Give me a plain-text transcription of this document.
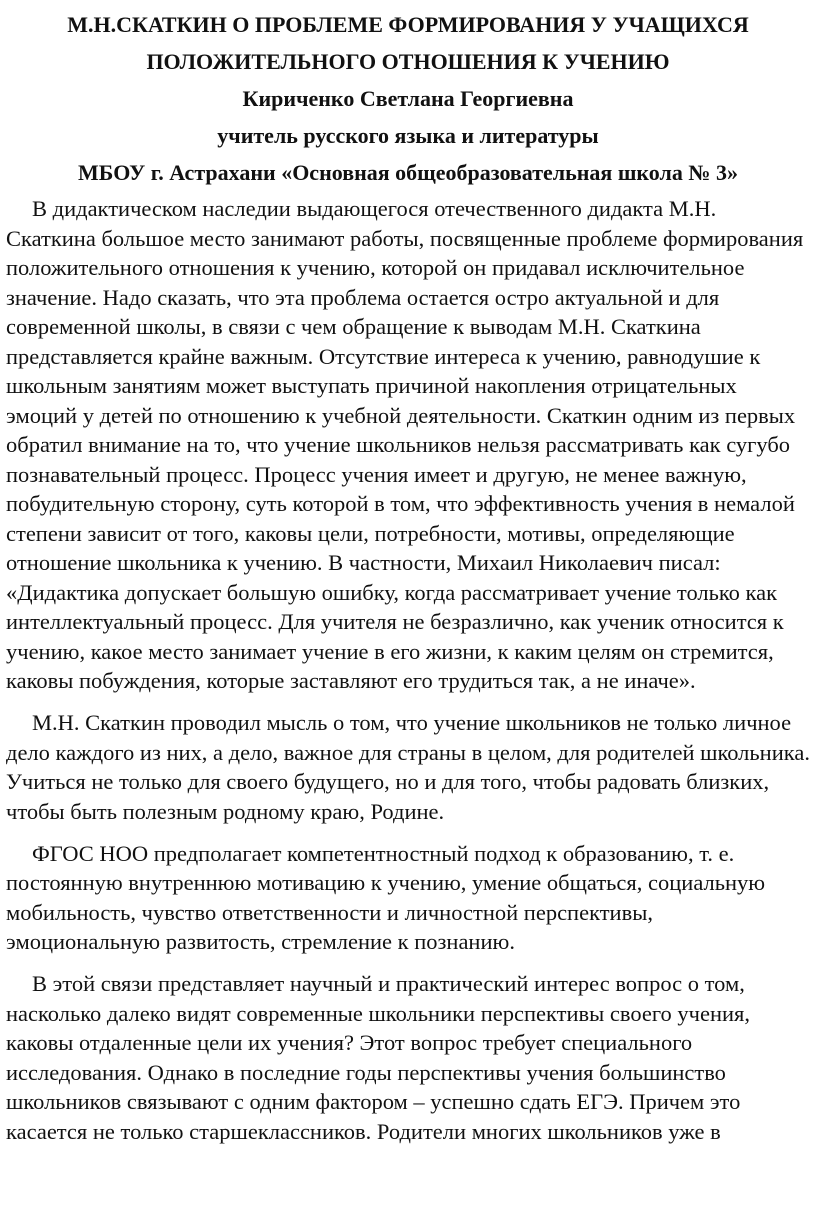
М.Н.СКАТКИН О ПРОБЛЕМЕ ФОРМИРОВАНИЯ У УЧАЩИХСЯ

ПОЛОЖИТЕЛЬНОГО ОТНОШЕНИЯ К УЧЕНИЮ

Кириченко Светлана Георгиевна

учитель русского языка и литературы

МБОУ г. Астрахани «Основная общеобразовательная школа № 3»

В дидактическом наследии выдающегося отечественного дидакта М.Н. Скаткина большое место занимают работы, посвященные проблеме формирования положительного отношения к учению, которой он придавал исключительное значение. Надо сказать, что эта проблема остается остро актуальной и для современной школы, в связи с чем обращение к выводам М.Н. Скаткина представляется крайне важным. Отсутствие интереса к учению, равнодушие к школьным занятиям может выступать причиной накопления отрицательных эмоций у детей по отношению к учебной деятельности. Скаткин одним из первых обратил внимание на то, что учение школьников нельзя рассматривать как сугубо познавательный процесс. Процесс учения имеет и другую, не менее важную, побудительную сторону, суть которой в том, что эффективность учения в немалой степени зависит от того, каковы цели, потребности, мотивы, определяющие отношение школьника к учению. В частности, Михаил Николаевич писал: «Дидактика допускает большую ошибку, когда рассматривает учение только как интеллектуальный процесс. Для учителя не безразлично, как ученик относится к учению, какое место занимает учение в его жизни, к каким целям он стремится, каковы побуждения, которые заставляют его трудиться так, а не иначе».

М.Н. Скаткин проводил мысль о том, что учение школьников не только личное дело каждого из них, а дело, важное для страны в целом, для родителей школьника. Учиться не только для своего будущего, но и для того, чтобы радовать близких, чтобы быть полезным родному краю, Родине.

ФГОС НОО предполагает компетентностный подход к образованию, т. е. постоянную внутреннюю мотивацию к учению, умение общаться, социальную мобильность, чувство ответственности и личностной перспективы, эмоциональную развитость, стремление к познанию.

В этой связи представляет научный и практический интерес вопрос о том, насколько далеко видят современные школьники перспективы своего учения, каковы отдаленные цели их учения? Этот вопрос требует специального исследования. Однако в последние годы перспективы учения большинство школьников связывают с одним фактором – успешно сдать ЕГЭ. Причем это касается не только старшеклассников. Родители многих школьников уже в
